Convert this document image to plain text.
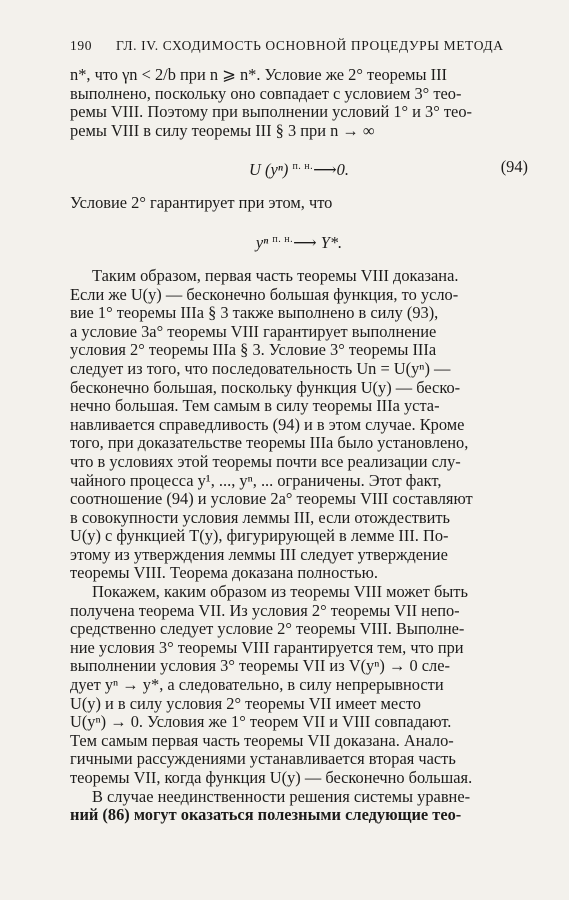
190 ГЛ. IV. СХОДИМОСТЬ ОСНОВНОЙ ПРОЦЕДУРЫ МЕТОДА

n*, что γn < 2/b при n ⩾ n*. Условие же 2° теоремы III

выполнено, поскольку оно совпадает с условием 3° тео-

ремы VIII. Поэтому при выполнении условий 1° и 3° тео-

ремы VIII в силу теоремы III § 3 при n → ∞

U (yⁿ) $^{п. н.}$⟶0.	(94)

Условие 2° гарантирует при этом, что

yⁿ $^{п. н.}$⟶ Y*.

Таким образом, первая часть теоремы VIII доказана.

Если же U(y) — бесконечно большая функция, то усло-

вие 1° теоремы IIIa § 3 также выполнено в силу (93),

а условие 3a° теоремы VIII гарантирует выполнение

условия 2° теоремы IIIa § 3. Условие 3° теоремы IIIa

следует из того, что последовательность Un = U(yⁿ) —

бесконечно большая, поскольку функция U(y) — беско-

нечно большая. Тем самым в силу теоремы IIIa уста-

навливается справедливость (94) и в этом случае. Кроме

того, при доказательстве теоремы IIIa было установлено,

что в условиях этой теоремы почти все реализации слу-

чайного процесса y¹, ..., yⁿ, ... ограничены. Этот факт,

соотношение (94) и условие 2a° теоремы VIII составляют

в совокупности условия леммы III, если отождествить

U(y) с функцией T(y), фигурирующей в лемме III. По-

этому из утверждения леммы III следует утверждение

теоремы VIII. Теорема доказана полностью.

Покажем, каким образом из теоремы VIII может быть

получена теорема VII. Из условия 2° теоремы VII непо-

средственно следует условие 2° теоремы VIII. Выполне-

ние условия 3° теоремы VIII гарантируется тем, что при

выполнении условия 3° теоремы VII из V(yⁿ) → 0 сле-

дует yⁿ → y*, а следовательно, в силу непрерывности

U(y) и в силу условия 2° теоремы VII имеет место

U(yⁿ) → 0. Условия же 1° теорем VII и VIII совпадают.

Тем самым первая часть теоремы VII доказана. Анало-

гичными рассуждениями устанавливается вторая часть

теоремы VII, когда функция U(y) — бесконечно большая.

В случае неединственности решения системы уравне-

ний (86) могут оказаться полезными следующие тео-
